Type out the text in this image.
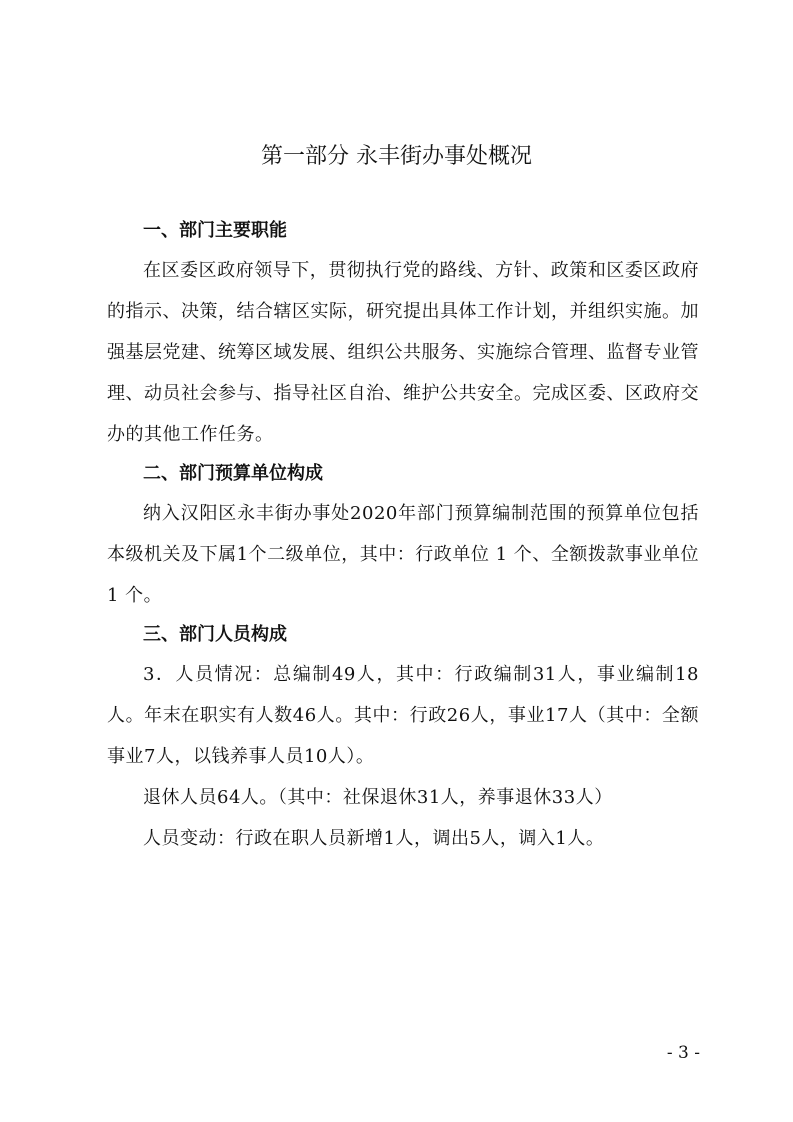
第一部分 永丰街办事处概况
一、部门主要职能

在区委区政府领导下，贯彻执行党的路线、方针、政策和区委区政府的指示、决策，结合辖区实际，研究提出具体工作计划，并组织实施。加强基层党建、统筹区域发展、组织公共服务、实施综合管理、监督专业管理、动员社会参与、指导社区自治、维护公共安全。完成区委、区政府交办的其他工作任务。

二、部门预算单位构成

纳入汉阳区永丰街办事处2020年部门预算编制范围的预算单位包括本级机关及下属1个二级单位，其中：行政单位 1 个、全额拨款事业单位 1 个。

三、部门人员构成

3．人员情况：总编制49人，其中：行政编制31人，事业编制18人。年末在职实有人数46人。其中：行政26人，事业17人（其中：全额事业7人，以钱养事人员10人）。

退休人员64人。（其中：社保退休31人，养事退休33人）

人员变动：行政在职人员新增1人，调出5人，调入1人。

- 3 -
